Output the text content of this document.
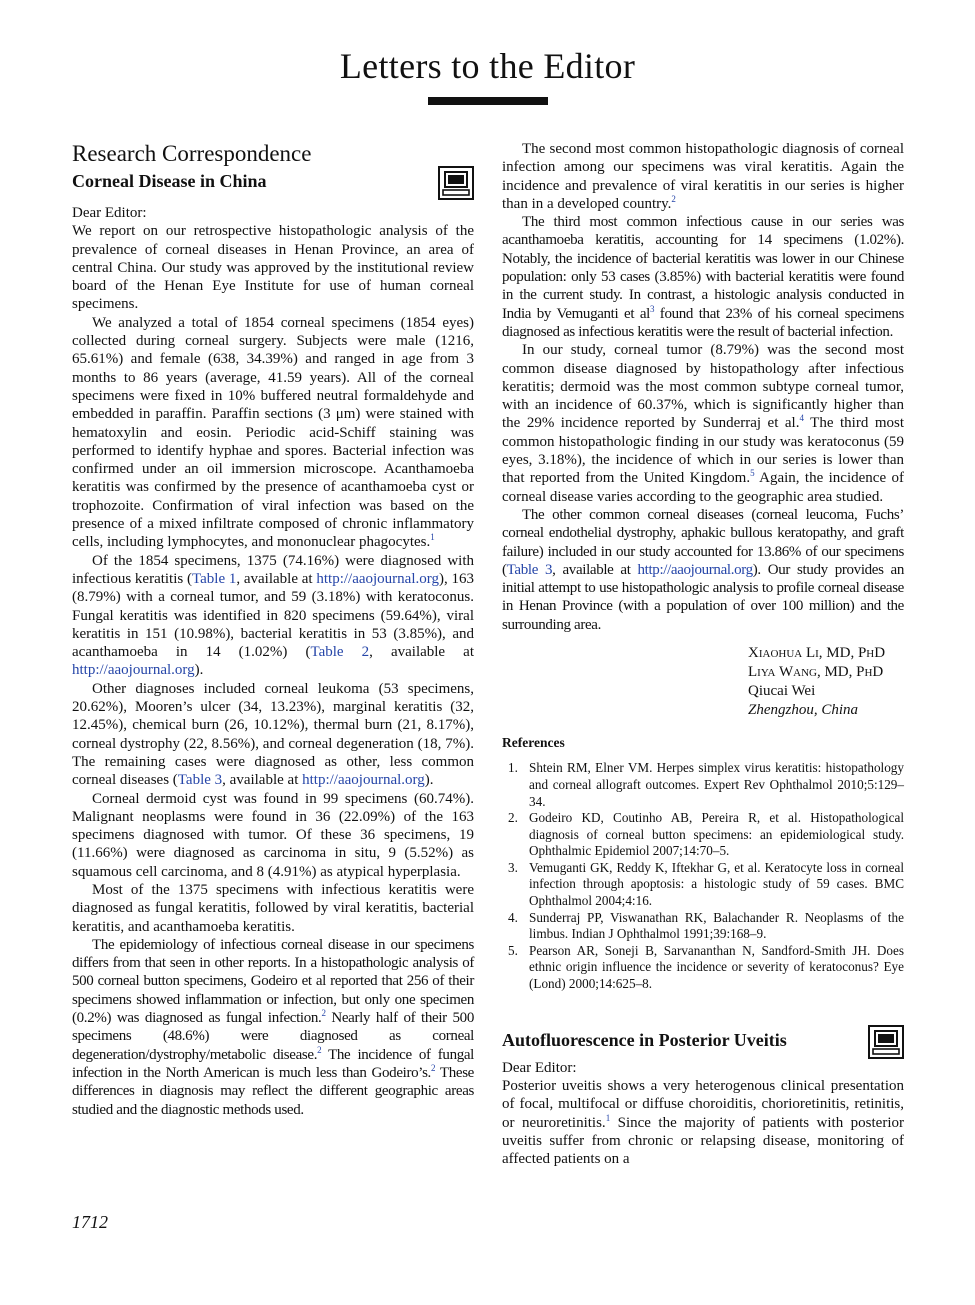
Letters to the Editor
Research Correspondence
Corneal Disease in China

Dear Editor:

We report on our retrospective histopathologic analysis of the prevalence of corneal diseases in Henan Province, an area of central China. Our study was approved by the institutional review board of the Henan Eye Institute for use of human corneal specimens.

We analyzed a total of 1854 corneal specimens (1854 eyes) collected during corneal surgery. Subjects were male (1216, 65.61%) and female (638, 34.39%) and ranged in age from 3 months to 86 years (average, 41.59 years). All of the corneal specimens were fixed in 10% buffered neutral formaldehyde and embedded in paraffin. Paraffin sections (3 μm) were stained with hematoxylin and eosin. Periodic acid-Schiff staining was performed to identify hyphae and spores. Bacterial infection was confirmed under an oil immersion microscope. Acanthamoeba keratitis was confirmed by the presence of acanthamoeba cyst or trophozoite. Confirmation of viral infection was based on the presence of a mixed infiltrate composed of chronic inflammatory cells, including lymphocytes, and mononuclear phagocytes.$^1$

Of the 1854 specimens, 1375 (74.16%) were diagnosed with infectious keratitis (Table 1, available at http://aaojournal.org), 163 (8.79%) with a corneal tumor, and 59 (3.18%) with keratoconus. Fungal keratitis was identified in 820 specimens (59.64%), viral keratitis in 151 (10.98%), bacterial keratitis in 53 (3.85%), and acanthamoeba in 14 (1.02%) (Table 2, available at http://aaojournal.org).

Other diagnoses included corneal leukoma (53 specimens, 20.62%), Mooren’s ulcer (34, 13.23%), marginal keratitis (32, 12.45%), chemical burn (26, 10.12%), thermal burn (21, 8.17%), corneal dystrophy (22, 8.56%), and corneal degeneration (18, 7%). The remaining cases were diagnosed as other, less common corneal diseases (Table 3, available at http://aaojournal.org).

Corneal dermoid cyst was found in 99 specimens (60.74%). Malignant neoplasms were found in 36 (22.09%) of the 163 specimens diagnosed with tumor. Of these 36 specimens, 19 (11.66%) were diagnosed as carcinoma in situ, 9 (5.52%) as squamous cell carcinoma, and 8 (4.91%) as atypical hyperplasia.

Most of the 1375 specimens with infectious keratitis were diagnosed as fungal keratitis, followed by viral keratitis, bacterial keratitis, and acanthamoeba keratitis.

The epidemiology of infectious corneal disease in our specimens differs from that seen in other reports. In a histopathologic analysis of 500 corneal button specimens, Godeiro et al reported that 256 of their specimens showed inflammation or infection, but only one specimen (0.2%) was diagnosed as fungal infection.$^2$ Nearly half of their 500 specimens (48.6%) were diagnosed as corneal degeneration/dystrophy/metabolic disease.$^2$ The incidence of fungal infection in the North American is much less than Godeiro’s.$^2$ These differences in diagnosis may reflect the different geographic areas studied and the diagnostic methods used.

The second most common histopathologic diagnosis of corneal infection among our specimens was viral keratitis. Again the incidence and prevalence of viral keratitis in our series is higher than in a developed country.$^2$

The third most common infectious cause in our series was acanthamoeba keratitis, accounting for 14 specimens (1.02%). Notably, the incidence of bacterial keratitis was lower in our Chinese population: only 53 cases (3.85%) with bacterial keratitis were found in the current study. In contrast, a histologic analysis conducted in India by Vemuganti et $al^3$ found that 23% of his corneal specimens diagnosed as infectious keratitis were the result of bacterial infection.

In our study, corneal tumor (8.79%) was the second most common disease diagnosed by histopathology after infectious keratitis; dermoid was the most common subtype corneal tumor, with an incidence of 60.37%, which is significantly higher than the 29% incidence reported by Sunderraj et al.$^4$ The third most common histopathologic finding in our study was keratoconus (59 eyes, 3.18%), the incidence of which in our series is lower than that reported from the United Kingdom.$^5$ Again, the incidence of corneal disease varies according to the geographic area studied.

The other common corneal diseases (corneal leucoma, Fuchs’ corneal endothelial dystrophy, aphakic bullous keratopathy, and graft failure) included in our study accounted for 13.86% of our specimens (Table 3, available at http://aaojournal.org). Our study provides an initial attempt to use histopathologic analysis to profile corneal disease in Henan Province (with a population of over 100 million) and the surrounding area.

Xiaohua Li, MD, PhD
Liya Wang, MD, PhD
Qiucai Wei
Zhengzhou, China
References
1. Shtein RM, Elner VM. Herpes simplex virus keratitis: histopathology and corneal allograft outcomes. Expert Rev Ophthalmol 2010;5:129–34.
2. Godeiro KD, Coutinho AB, Pereira R, et al. Histopathological diagnosis of corneal button specimens: an epidemiological study. Ophthalmic Epidemiol 2007;14:70–5.
3. Vemuganti GK, Reddy K, Iftekhar G, et al. Keratocyte loss in corneal infection through apoptosis: a histologic study of 59 cases. BMC Ophthalmol 2004;4:16.
4. Sunderraj PP, Viswanathan RK, Balachander R. Neoplasms of the limbus. Indian J Ophthalmol 1991;39:168–9.
5. Pearson AR, Soneji B, Sarvananthan N, Sandford-Smith JH. Does ethnic origin influence the incidence or severity of keratoconus? Eye (Lond) 2000;14:625–8.
Autofluorescence in Posterior Uveitis

Dear Editor:

Posterior uveitis shows a very heterogenous clinical presentation of focal, multifocal or diffuse choroiditis, chorioretinitis, retinitis, or neuroretinitis.$^1$ Since the majority of patients with posterior uveitis suffer from chronic or relapsing disease, monitoring of affected patients on a

1712
